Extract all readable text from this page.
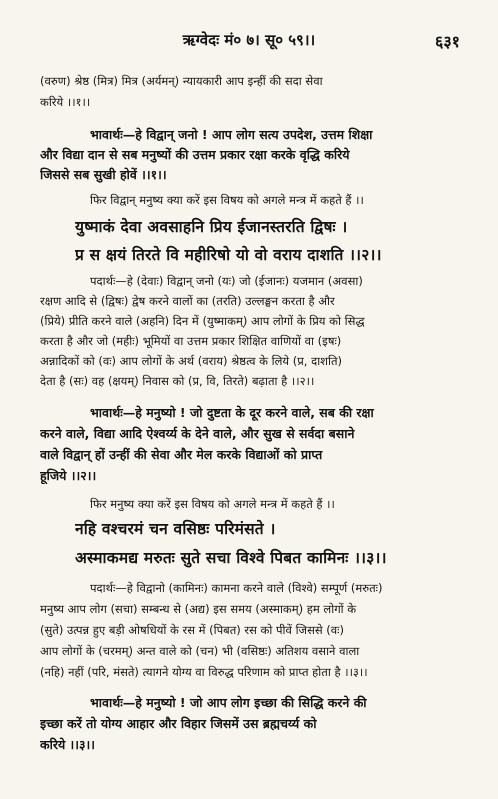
ऋग्वेदः मं० ७। सू० ५९।।	६३१
(वरुण) श्रेष्ठ (मित्र) मित्र (अर्यमन्) न्यायकारी आप इन्हीं की सदा सेवा
करिये ।।१।।
भावार्थः—हे विद्वान् जनो ! आप लोग सत्य उपदेश, उत्तम शिक्षा
और विद्या दान से सब मनुष्यों की उत्तम प्रकार रक्षा करके वृद्धि करिये
जिससे सब सुखी होवें ।।१।।
फिर विद्वान् मनुष्य क्या करें इस विषय को अगले मन्त्र में कहते हैं ।।
युष्माकं देवा अवसाहनि प्रिय ईजानस्तरति द्विषः ।
प्र स क्षयं तिरते वि महीरिषो यो वो वराय दाशति ।।२।।
पदार्थः—हे (देवाः) विद्वान् जनो (यः) जो (ईजानः) यजमान (अवसा)
रक्षण आदि से (द्विषः) द्वेष करने वालों का (तरति) उल्लङ्घन करता है और
(प्रिये) प्रीति करने वाले (अहनि) दिन में (युष्माकम्) आप लोगों के प्रिय को सिद्ध
करता है और जो (महीः) भूमियों वा उत्तम प्रकार शिक्षित वाणियों वा (इषः)
अन्नादिकों को (वः) आप लोगों के अर्थ (वराय) श्रेष्ठत्व के लिये (प्र, दाशति)
देता है (सः) वह (क्षयम्) निवास को (प्र, वि, तिरते) बढ़ाता है ।।२।।
भावार्थः—हे मनुष्यो ! जो दुष्टता के दूर करने वाले, सब की रक्षा
करने वाले, विद्या आदि ऐश्वर्य्य के देने वाले, और सुख से सर्वदा बसाने
वाले विद्वान् हों उन्हीं की सेवा और मेल करके विद्याओं को प्राप्त
हूजिये ।।२।।
फिर मनुष्य क्या करें इस विषय को अगले मन्त्र में कहते हैं ।।
नहि वश्चरमं चन वसिष्ठः परिमंसते ।
अस्माकमद्य मरुतः सुते सचा विश्वे पिबत कामिनः ।।३।।
पदार्थः—हे विद्वानो (कामिनः) कामना करने वाले (विश्वे) सम्पूर्ण (मरुतः)
मनुष्य आप लोग (सचा) सम्बन्ध से (अद्य) इस समय (अस्माकम्) हम लोगों के
(सुते) उत्पन्न हुए बड़ी ओषधियों के रस में (पिबत) रस को पीवें जिससे (वः)
आप लोगों के (चरमम्) अन्त वाले को (चन) भी (वसिष्ठः) अतिशय वसाने वाला
(नहि) नहीं (परि, मंसते) त्यागने योग्य वा विरुद्ध परिणाम को प्राप्त होता है ।।३।।
भावार्थः—हे मनुष्यो ! जो आप लोग इच्छा की सिद्धि करने की
इच्छा करें तो योग्य आहार और विहार जिसमें उस ब्रह्मचर्य्य को
करिये ।।३।।
